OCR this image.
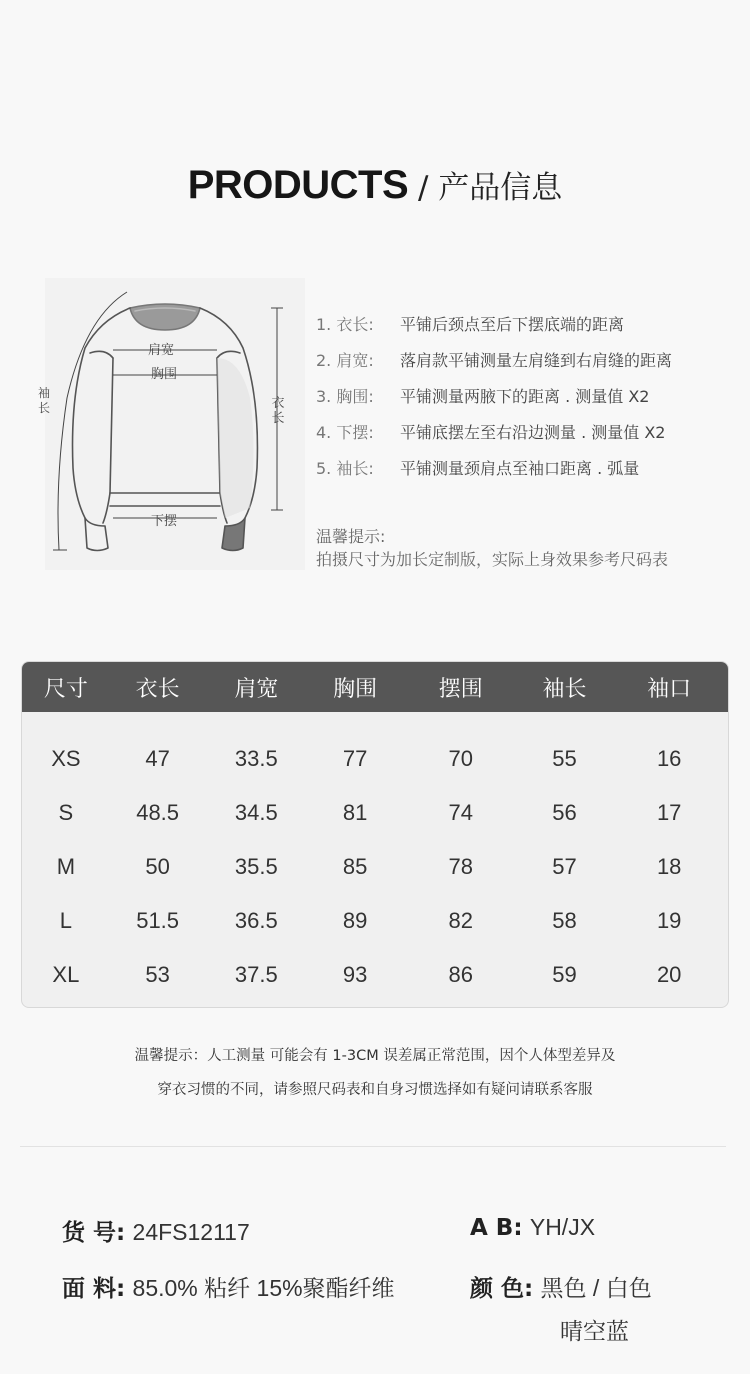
PRODUCTS / 产品信息
肩宽
胸围
下摆
衣长
袖长
1. 衣长:	平铺后颈点至后下摆底端的距离
2. 肩宽:	落肩款平铺测量左肩缝到右肩缝的距离
3. 胸围:	平铺测量两腋下的距离 . 测量值 X2
4. 下摆:	平铺底摆左至右沿边测量 . 测量值 X2
5. 袖长:	平铺测量颈肩点至袖口距离 . 弧量
温馨提示:
拍摄尺寸为加长定制版，实际上身效果参考尺码表
尺寸	衣长	肩宽	胸围	摆围	袖长	袖口
XS	47	33.5	77	70	55	16
S	48.5	34.5	81	74	56	17
M	50	35.5	85	78	57	18
L	51.5	36.5	89	82	58	19
XL	53	37.5	93	86	59	20
温馨提示：人工测量 可能会有 1-3CM 误差属正常范围，因个人体型差异及
穿衣习惯的不同，请参照尺码表和自身习惯选择如有疑问请联系客服
货 号: 24FS12117
面 料: 85.0% 粘纤 15%聚酯纤维
A B: YH/JX
颜 色: 黑色 / 白色
晴空蓝
